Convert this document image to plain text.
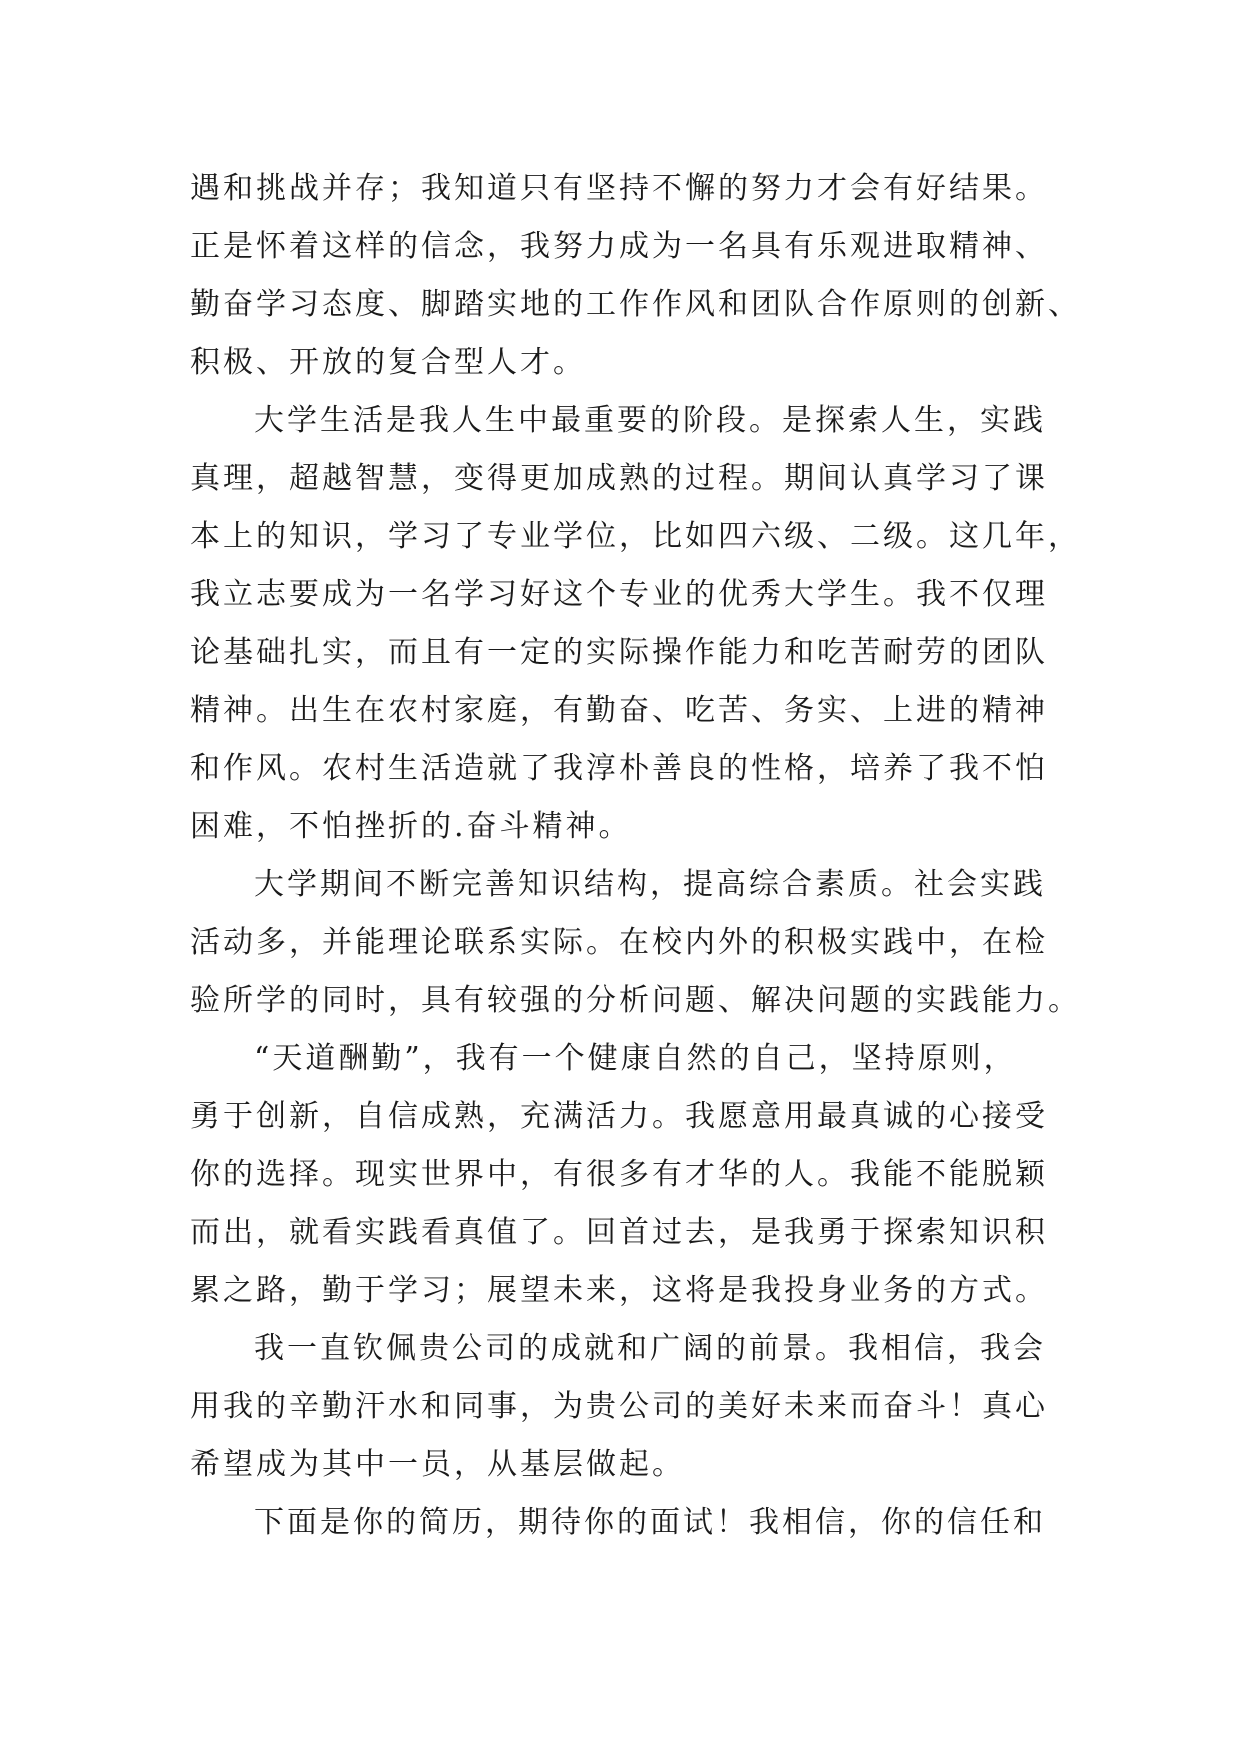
遇和挑战并存；我知道只有坚持不懈的努力才会有好结果。
正是怀着这样的信念，我努力成为一名具有乐观进取精神、
勤奋学习态度、脚踏实地的工作作风和团队合作原则的创新、
积极、开放的复合型人才。
大学生活是我人生中最重要的阶段。是探索人生，实践
真理，超越智慧，变得更加成熟的过程。期间认真学习了课
本上的知识，学习了专业学位，比如四六级、二级。这几年，
我立志要成为一名学习好这个专业的优秀大学生。我不仅理
论基础扎实，而且有一定的实际操作能力和吃苦耐劳的团队
精神。出生在农村家庭，有勤奋、吃苦、务实、上进的精神
和作风。农村生活造就了我淳朴善良的性格，培养了我不怕
困难，不怕挫折的.奋斗精神。
大学期间不断完善知识结构，提高综合素质。社会实践
活动多，并能理论联系实际。在校内外的积极实践中，在检
验所学的同时，具有较强的分析问题、解决问题的实践能力。
“天道酬勤”，我有一个健康自然的自己，坚持原则，
勇于创新，自信成熟，充满活力。我愿意用最真诚的心接受
你的选择。现实世界中，有很多有才华的人。我能不能脱颖
而出，就看实践看真值了。回首过去，是我勇于探索知识积
累之路，勤于学习；展望未来，这将是我投身业务的方式。
我一直钦佩贵公司的成就和广阔的前景。我相信，我会
用我的辛勤汗水和同事，为贵公司的美好未来而奋斗！真心
希望成为其中一员，从基层做起。
下面是你的简历，期待你的面试！我相信，你的信任和
